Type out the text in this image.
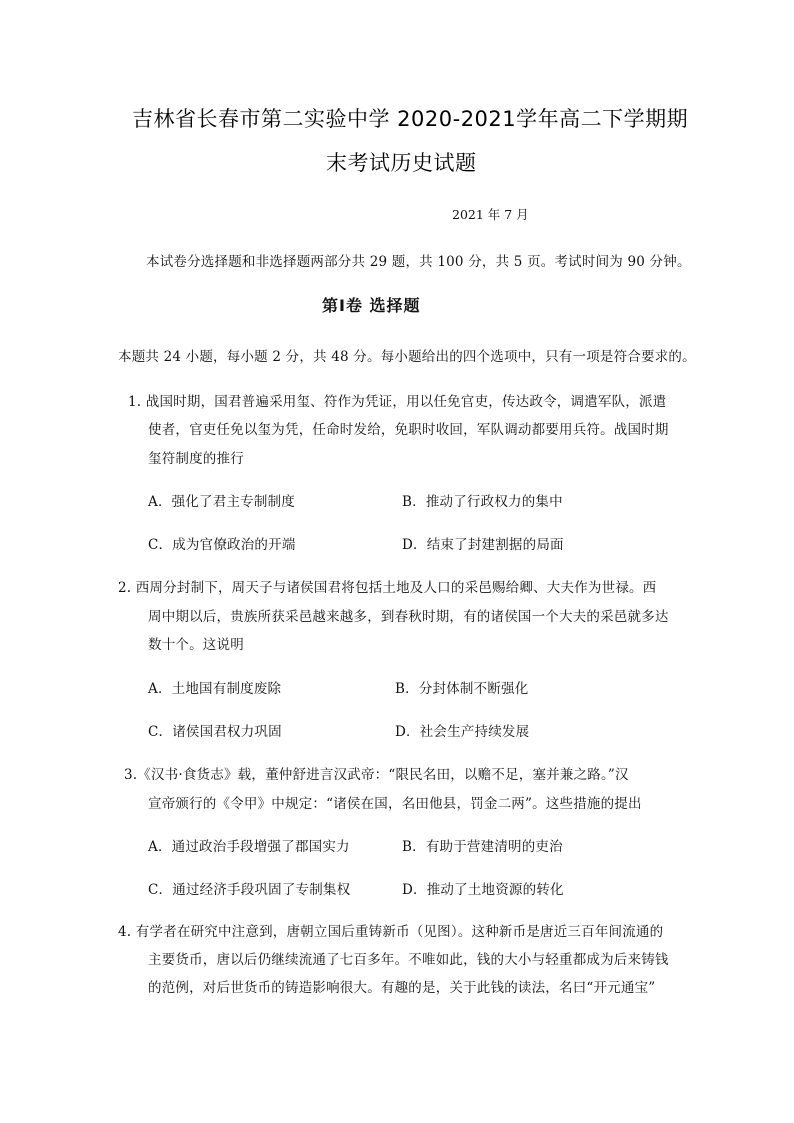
吉林省长春市第二实验中学 2020-2021学年高二下学期期
末考试历史试题
2021 年 7 月
本试卷分选择题和非选择题两部分共 29 题，共 100 分，共 5 页。考试时间为 90 分钟。
第Ⅰ卷 选择题
本题共 24 小题，每小题 2 分，共 48 分。每小题给出的四个选项中，只有一项是符合要求的。
1. 战国时期，国君普遍采用玺、符作为凭证，用以任免官吏，传达政令，调遣军队，派遣
使者，官吏任免以玺为凭，任命时发给，免职时收回，军队调动都要用兵符。战国时期
玺符制度的推行
A．强化了君主专制制度	B．推动了行政权力的集中
C．成为官僚政治的开端	D．结束了封建割据的局面
2. 西周分封制下，周天子与诸侯国君将包括土地及人口的采邑赐给卿、大夫作为世禄。西
周中期以后，贵族所获采邑越来越多，到春秋时期，有的诸侯国一个大夫的采邑就多达
数十个。这说明
A．土地国有制度废除	B．分封体制不断强化
C．诸侯国君权力巩固	D．社会生产持续发展
3.《汉书·食货志》载，董仲舒进言汉武帝：“限民名田，以赡不足，塞并兼之路。”汉
宣帝颁行的《令甲》中规定：“诸侯在国，名田他县，罚金二两”。这些措施的提出
A．通过政治手段增强了郡国实力	B．有助于营建清明的吏治
C．通过经济手段巩固了专制集权	D．推动了土地资源的转化
4. 有学者在研究中注意到，唐朝立国后重铸新币（见图）。这种新币是唐近三百年间流通的
主要货币，唐以后仍继续流通了七百多年。不唯如此，钱的大小与轻重都成为后来铸钱
的范例，对后世货币的铸造影响很大。有趣的是，关于此钱的读法，名曰“开元通宝”
